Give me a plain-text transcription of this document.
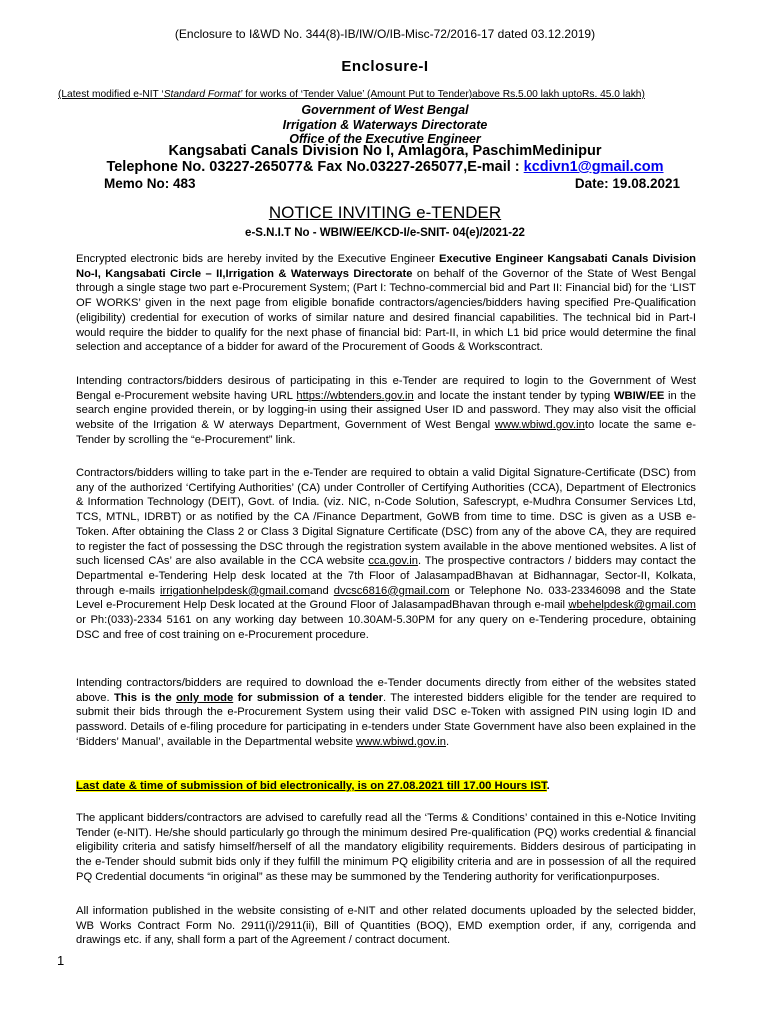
(Enclosure to I&WD No. 344(8)-IB/IW/O/IB-Misc-72/2016-17 dated 03.12.2019)
Enclosure-I
(Latest modified e-NIT ‘Standard Format’ for works of ‘Tender Value’ (Amount Put to Tender)above Rs.5.00 lakh uptoRs. 45.0 lakh)
Government of West Bengal
Irrigation & Waterways Directorate
Office of the Executive Engineer
Kangsabati Canals Division No I, Amlagora, PaschimMedinipur
Telephone No. 03227-265077& Fax No.03227-265077,E-mail : kcdivn1@gmail.com
Memo No: 483	Date: 19.08.2021
NOTICE INVITING e-TENDER
e-S.N.I.T No - WBIW/EE/KCD-I/e-SNIT- 04(e)/2021-22
Encrypted electronic bids are hereby invited by the Executive Engineer Executive Engineer Kangsabati Canals Division No-I, Kangsabati Circle – II,Irrigation & Waterways Directorate on behalf of the Governor of the State of West Bengal through a single stage two part e-Procurement System; (Part I: Techno-commercial bid and Part II: Financial bid) for the ‘LIST OF WORKS’ given in the next page from eligible bonafide contractors/agencies/bidders having specified Pre-Qualification (eligibility) credential for execution of works of similar nature and desired financial capabilities. The technical bid in Part-I would require the bidder to qualify for the next phase of financial bid: Part-II, in which L1 bid price would determine the final selection and acceptance of a bidder for award of the Procurement of Goods & Workscontract.
Intending contractors/bidders desirous of participating in this e-Tender are required to login to the Government of West Bengal e-Procurement website having URL https://wbtenders.gov.in and locate the instant tender by typing WBIW/EE in the search engine provided therein, or by logging-in using their assigned User ID and password. They may also visit the official website of the Irrigation & W aterways Department, Government of West Bengal www.wbiwd.gov.into locate the same e-Tender by scrolling the “e-Procurement” link.
Contractors/bidders willing to take part in the e-Tender are required to obtain a valid Digital Signature-Certificate (DSC) from any of the authorized ‘Certifying Authorities’ (CA) under Controller of Certifying Authorities (CCA), Department of Electronics & Information Technology (DEIT), Govt. of India. (viz. NIC, n-Code Solution, Safescrypt, e-Mudhra Consumer Services Ltd, TCS, MTNL, IDRBT) or as notified by the CA /Finance Department, GoWB from time to time. DSC is given as a USB e-Token. After obtaining the Class 2 or Class 3 Digital Signature Certificate (DSC) from any of the above CA, they are required to register the fact of possessing the DSC through the registration system available in the above mentioned websites. A list of such licensed CAs’ are also available in the CCA website cca.gov.in. The prospective contractors / bidders may contact the Departmental e-Tendering Help desk located at the 7th Floor of JalasampadBhavan at Bidhannagar, Sector-II, Kolkata, through e-mails irrigationhelpdesk@gmail.comand dvcsc6816@gmail.com or Telephone No. 033-23346098 and the State Level e-Procurement Help Desk located at the Ground Floor of JalasampadBhavan through e-mail wbehelpdesk@gmail.com or Ph:(033)-2334 5161 on any working day between 10.30AM-5.30PM for any query on e-Tendering procedure, obtaining DSC and free of cost training on e-Procurement procedure.
Intending contractors/bidders are required to download the e-Tender documents directly from either of the websites stated above. This is the only mode for submission of a tender. The interested bidders eligible for the tender are required to submit their bids through the e-Procurement System using their valid DSC e-Token with assigned PIN using login ID and password. Details of e-filing procedure for participating in e-tenders under State Government have also been explained in the ‘Bidders’ Manual’, available in the Departmental website www.wbiwd.gov.in.
Last date & time of submission of bid electronically, is on 27.08.2021 till 17.00 Hours IST.
The applicant bidders/contractors are advised to carefully read all the ‘Terms & Conditions’ contained in this e-Notice Inviting Tender (e-NIT). He/she should particularly go through the minimum desired Pre-qualification (PQ) works credential & financial eligibility criteria and satisfy himself/herself of all the mandatory eligibility requirements. Bidders desirous of participating in the e-Tender should submit bids only if they fulfill the minimum PQ eligibility criteria and are in possession of all the required PQ Credential documents “in original” as these may be summoned by the Tendering authority for verificationpurposes.
All information published in the website consisting of e-NIT and other related documents uploaded by the selected bidder, WB Works Contract Form No. 2911(i)/2911(ii), Bill of Quantities (BOQ), EMD exemption order, if any, corrigenda and drawings etc. if any, shall form a part of the Agreement / contract document.
1
